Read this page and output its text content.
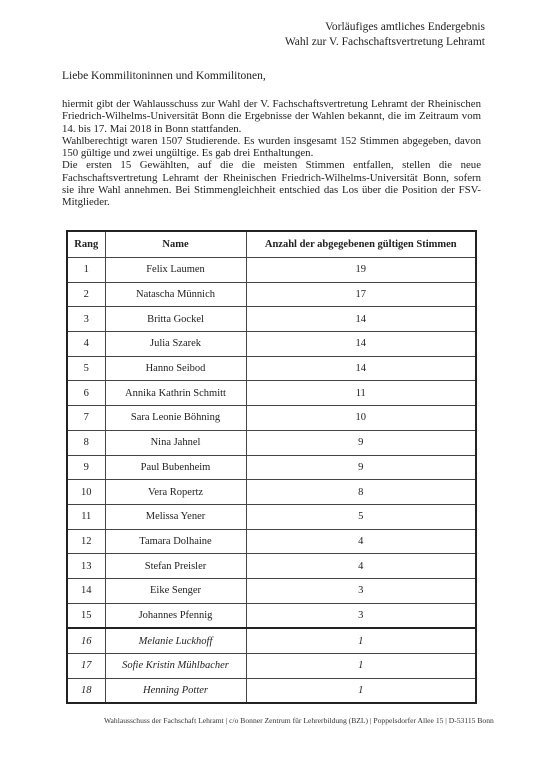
Vorläufiges amtliches Endergebnis
Wahl zur V. Fachschaftsvertretung Lehramt
Liebe Kommilitoninnen und Kommilitonen,

hiermit gibt der Wahlausschuss zur Wahl der V. Fachschaftsvertretung Lehramt der Rheinischen Friedrich-Wilhelms-Universität Bonn die Ergebnisse der Wahlen bekannt, die im Zeitraum vom 14. bis 17. Mai 2018 in Bonn stattfanden.

Wahlberechtigt waren 1507 Studierende. Es wurden insgesamt 152 Stimmen abgegeben, davon 150 gültige und zwei ungültige. Es gab drei Enthaltungen.

Die ersten 15 Gewählten, auf die die meisten Stimmen entfallen, stellen die neue Fachschaftsvertretung Lehramt der Rheinischen Friedrich-Wilhelms-Universität Bonn, sofern sie ihre Wahl annehmen. Bei Stimmengleichheit entschied das Los über die Position der FSV-Mitglieder.

Rang	Name	Anzahl der abgegebenen gültigen Stimmen
1	Felix Laumen	19
2	Natascha Münnich	17
3	Britta Gockel	14
4	Julia Szarek	14
5	Hanno Seibod	14
6	Annika Kathrin Schmitt	11
7	Sara Leonie Böhning	10
8	Nina Jahnel	9
9	Paul Bubenheim	9
10	Vera Ropertz	8
11	Melissa Yener	5
12	Tamara Dolhaine	4
13	Stefan Preisler	4
14	Eike Senger	3
15	Johannes Pfennig	3
16	Melanie Luckhoff	1
17	Sofie Kristin Mühlbacher	1
18	Henning Potter	1
Wahlausschuss der Fachschaft Lehramt | c/o Bonner Zentrum für Lehrerbildung (BZL) | Poppelsdorfer Allee 15 | D-53115 Bonn
